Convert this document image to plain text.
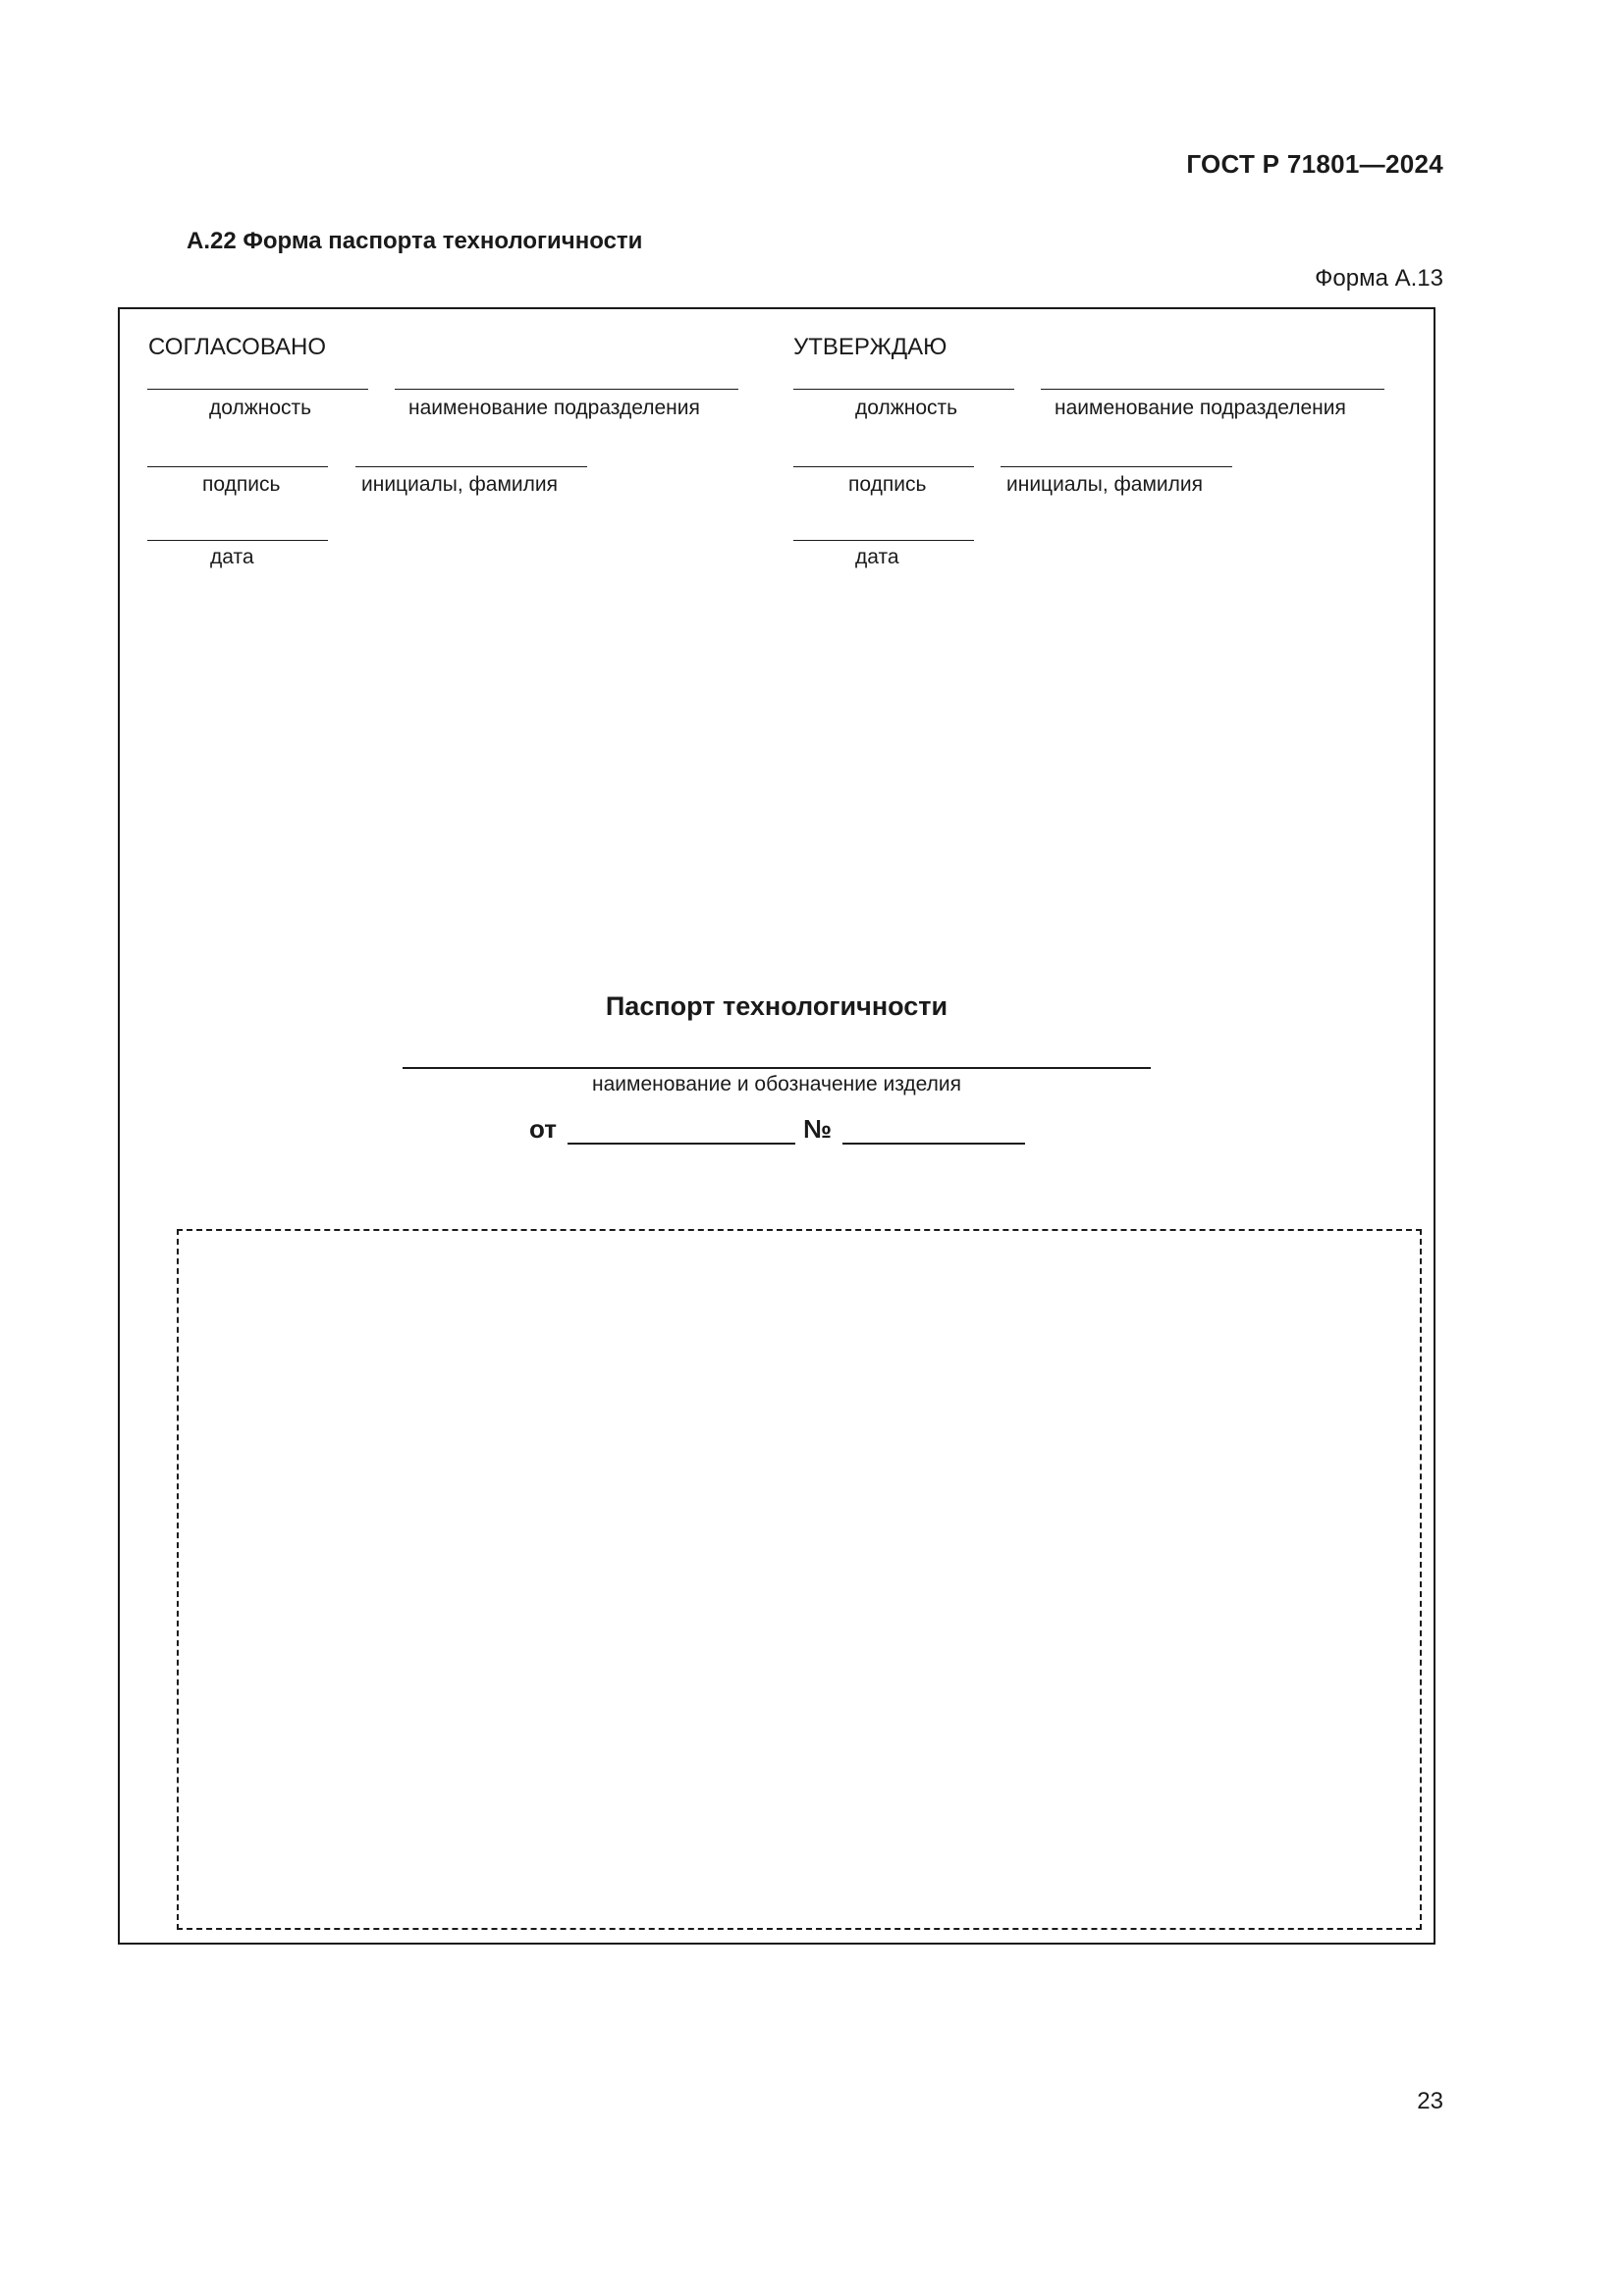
ГОСТ Р 71801—2024
А.22 Форма паспорта технологичности
Форма А.13
СОГЛАСОВАНО
должность	наименование подразделения
подпись	инициалы, фамилия
дата
УТВЕРЖДАЮ
должность	наименование подразделения
подпись	инициалы, фамилия
дата
Паспорт технологичности
наименование и обозначение изделия
от	№
23
